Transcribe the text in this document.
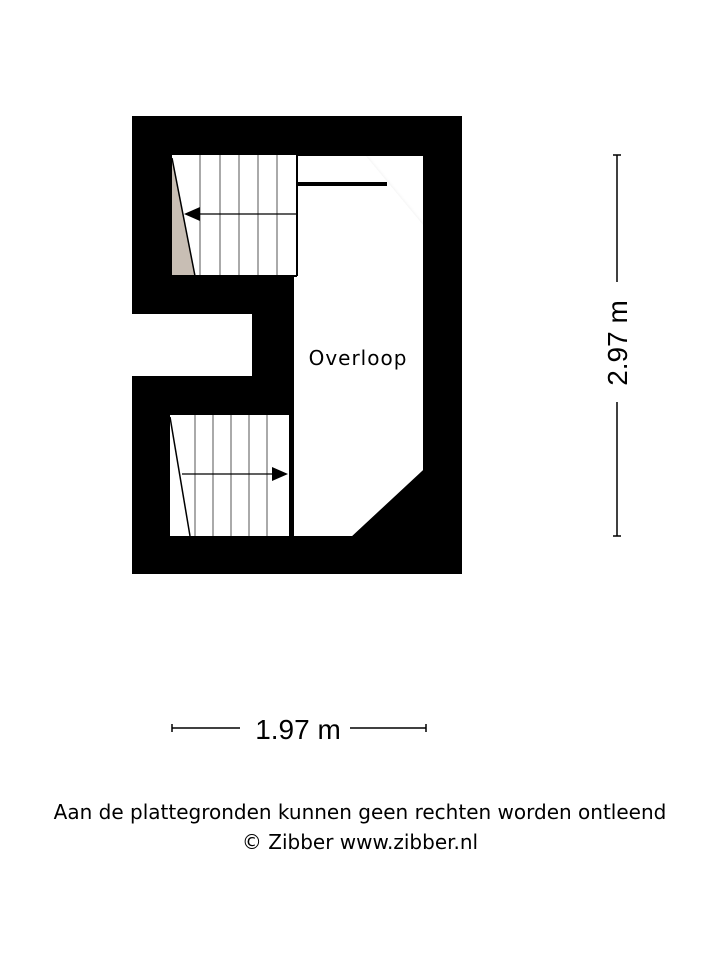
Overloop	2.97 m
1.97 m
Aan de plattegronden kunnen geen rechten worden ontleend
© Zibber www.zibber.nl
